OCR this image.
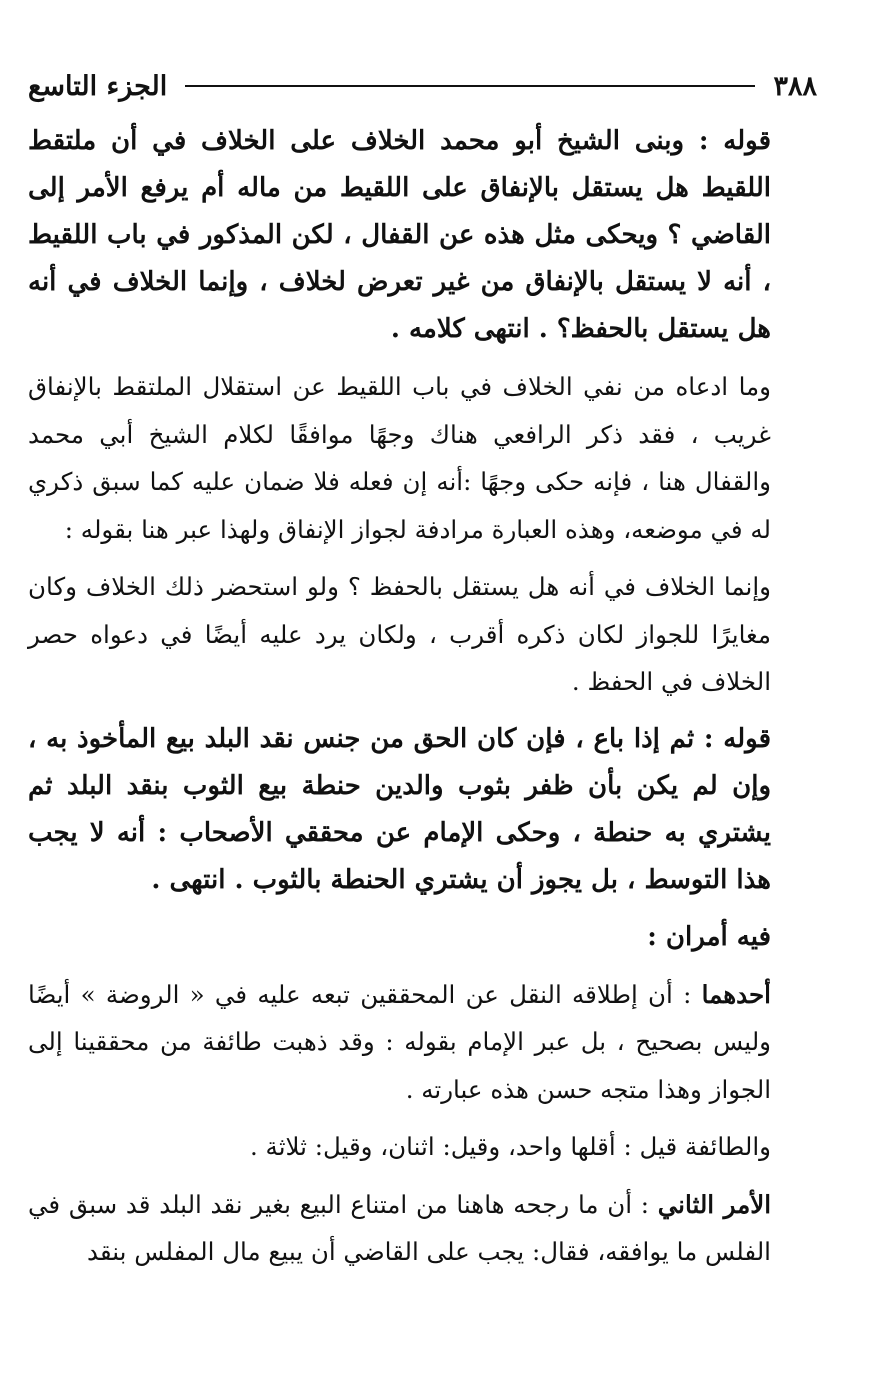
٣٨٨
الجزء التاسع

قوله : وبنى الشيخ أبو محمد الخلاف على الخلاف في أن ملتقط اللقيط هل يستقل بالإنفاق على اللقيط من ماله أم يرفع الأمر إلى القاضي ؟ ويحكى مثل هذه عن القفال ، لكن المذكور في باب اللقيط ، أنه لا يستقل بالإنفاق من غير تعرض لخلاف ، وإنما الخلاف في أنه هل يستقل بالحفظ؟ . انتهى كلامه .

وما ادعاه من نفي الخلاف في باب اللقيط عن استقلال الملتقط بالإنفاق غريب ، فقد ذكر الرافعي هناك وجهًا موافقًا لكلام الشيخ أبي محمد والقفال هنا ، فإنه حكى وجهًا :أنه إن فعله فلا ضمان عليه كما سبق ذكري له في موضعه، وهذه العبارة مرادفة لجواز الإنفاق ولهذا عبر هنا بقوله :

وإنما الخلاف في أنه هل يستقل بالحفظ ؟ ولو استحضر ذلك الخلاف وكان مغايرًا للجواز لكان ذكره أقرب ، ولكان يرد عليه أيضًا في دعواه حصر الخلاف في الحفظ .

قوله : ثم إذا باع ، فإن كان الحق من جنس نقد البلد بيع المأخوذ به ، وإن لم يكن بأن ظفر بثوب والدين حنطة بيع الثوب بنقد البلد ثم يشتري به حنطة ، وحكى الإمام عن محققي الأصحاب : أنه لا يجب هذا التوسط ، بل يجوز أن يشتري الحنطة بالثوب . انتهى .

فيه أمران :

أحدهما : أن إطلاقه النقل عن المحققين تبعه عليه في « الروضة » أيضًا وليس بصحيح ، بل عبر الإمام بقوله : وقد ذهبت طائفة من محققينا إلى الجواز وهذا متجه حسن هذه عبارته .

والطائفة قيل : أقلها واحد، وقيل: اثنان، وقيل: ثلاثة .

الأمر الثاني : أن ما رجحه هاهنا من امتناع البيع بغير نقد البلد قد سبق في الفلس ما يوافقه، فقال: يجب على القاضي أن يبيع مال المفلس بنقد
